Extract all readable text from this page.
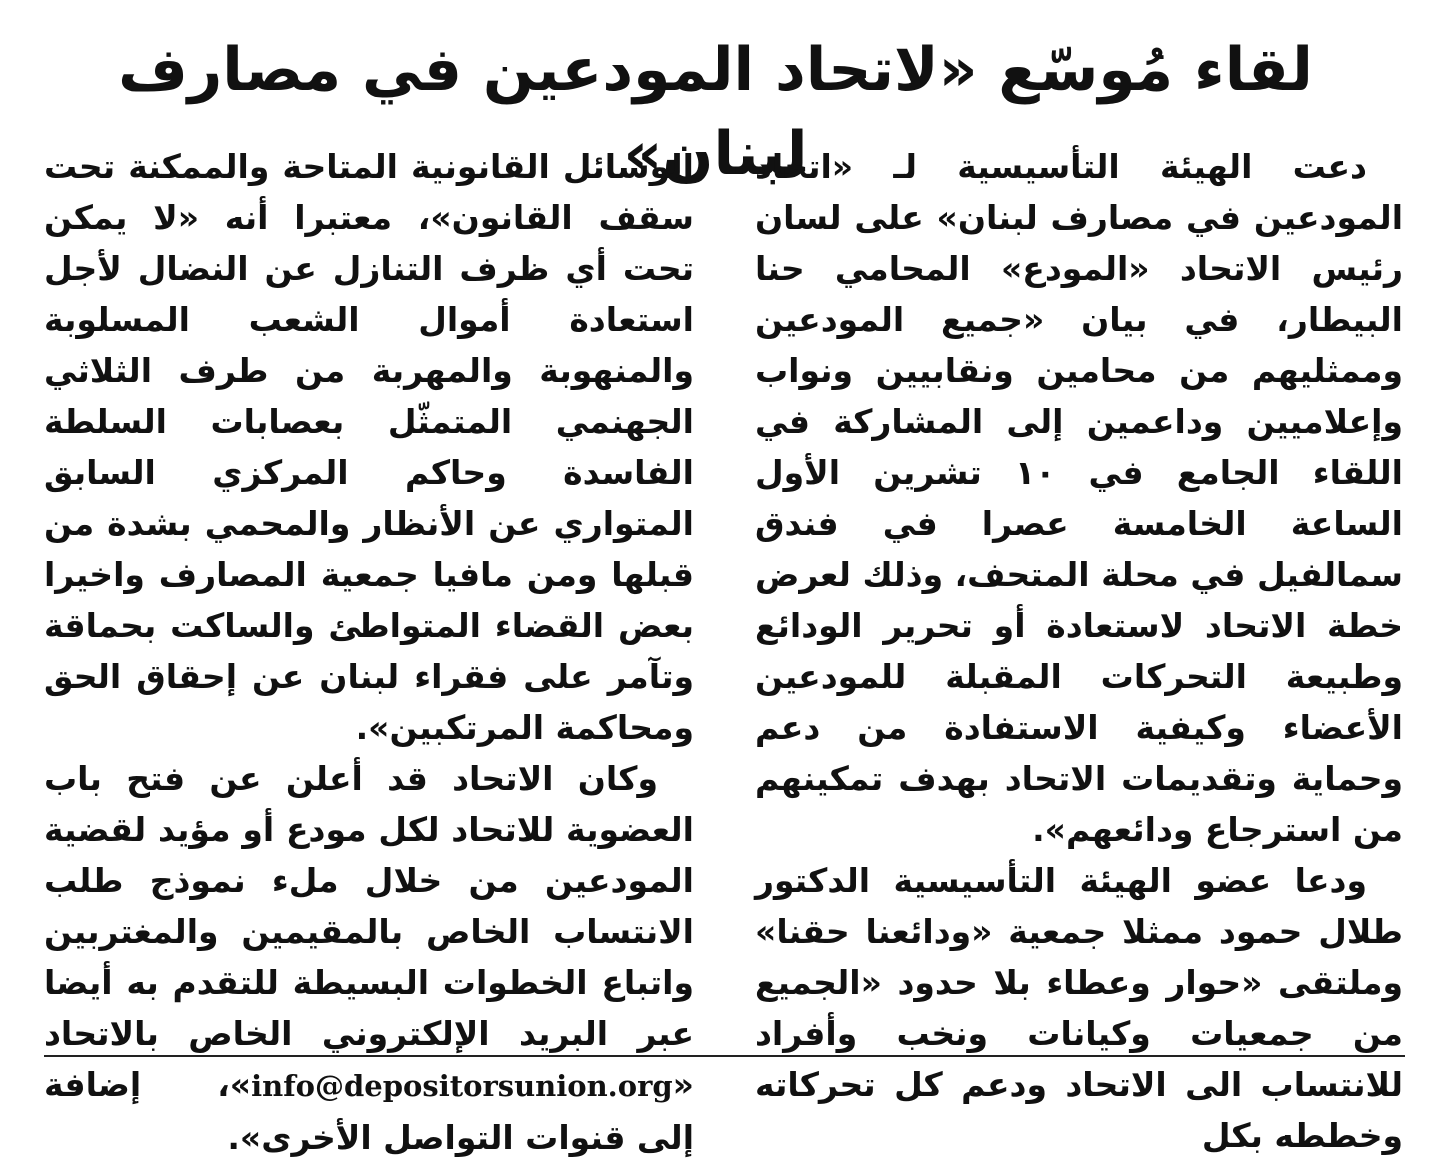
لقاء مُوسّع «لاتحاد المودعين في مصارف لبنان»

دعت الهيئة التأسيسية لـ «اتحاد المودعين في مصارف لبنان» على لسان رئيس الاتحاد «المودع» المحامي حنا البيطار، في بيان «جميع المودعين وممثليهم من محامين ونقابيين ونواب وإعلاميين وداعمين إلى المشاركة في اللقاء الجامع في ١٠ تشرين الأول الساعة الخامسة عصرا في فندق سمالفيل في محلة المتحف، وذلك لعرض خطة الاتحاد لاستعادة أو تحرير الودائع وطبيعة التحركات المقبلة للمودعين الأعضاء وكيفية الاستفادة من دعم وحماية وتقديمات الاتحاد بهدف تمكينهم من استرجاع ودائعهم».

ودعا عضو الهيئة التأسيسية الدكتور طلال حمود ممثلا جمعية «ودائعنا حقنا» وملتقى «حوار وعطاء بلا حدود «الجميع من جمعيات وكيانات ونخب وأفراد للانتساب الى الاتحاد ودعم كل تحركاته وخططه بكل

الوسائل القانونية المتاحة والممكنة تحت سقف القانون»، معتبرا أنه «لا يمكن تحت أي ظرف التنازل عن النضال لأجل استعادة أموال الشعب المسلوبة والمنهوبة والمهربة من طرف الثلاثي الجهنمي المتمثّل بعصابات السلطة الفاسدة وحاكم المركزي السابق المتواري عن الأنظار والمحمي بشدة من قبلها ومن مافيا جمعية المصارف واخيرا بعض القضاء المتواطئ والساكت بحماقة وتآمر على فقراء لبنان عن إحقاق الحق ومحاكمة المرتكبين».

وكان الاتحاد قد أعلن عن فتح باب العضوية للاتحاد لكل مودع أو مؤيد لقضية المودعين من خلال ملء نموذج طلب الانتساب الخاص بالمقيمين والمغتربين واتباع الخطوات البسيطة للتقدم به أيضا عبر البريد الإلكتروني الخاص بالاتحاد «info@depositorsunion.org»، إضافة إلى قنوات التواصل الأخرى».
